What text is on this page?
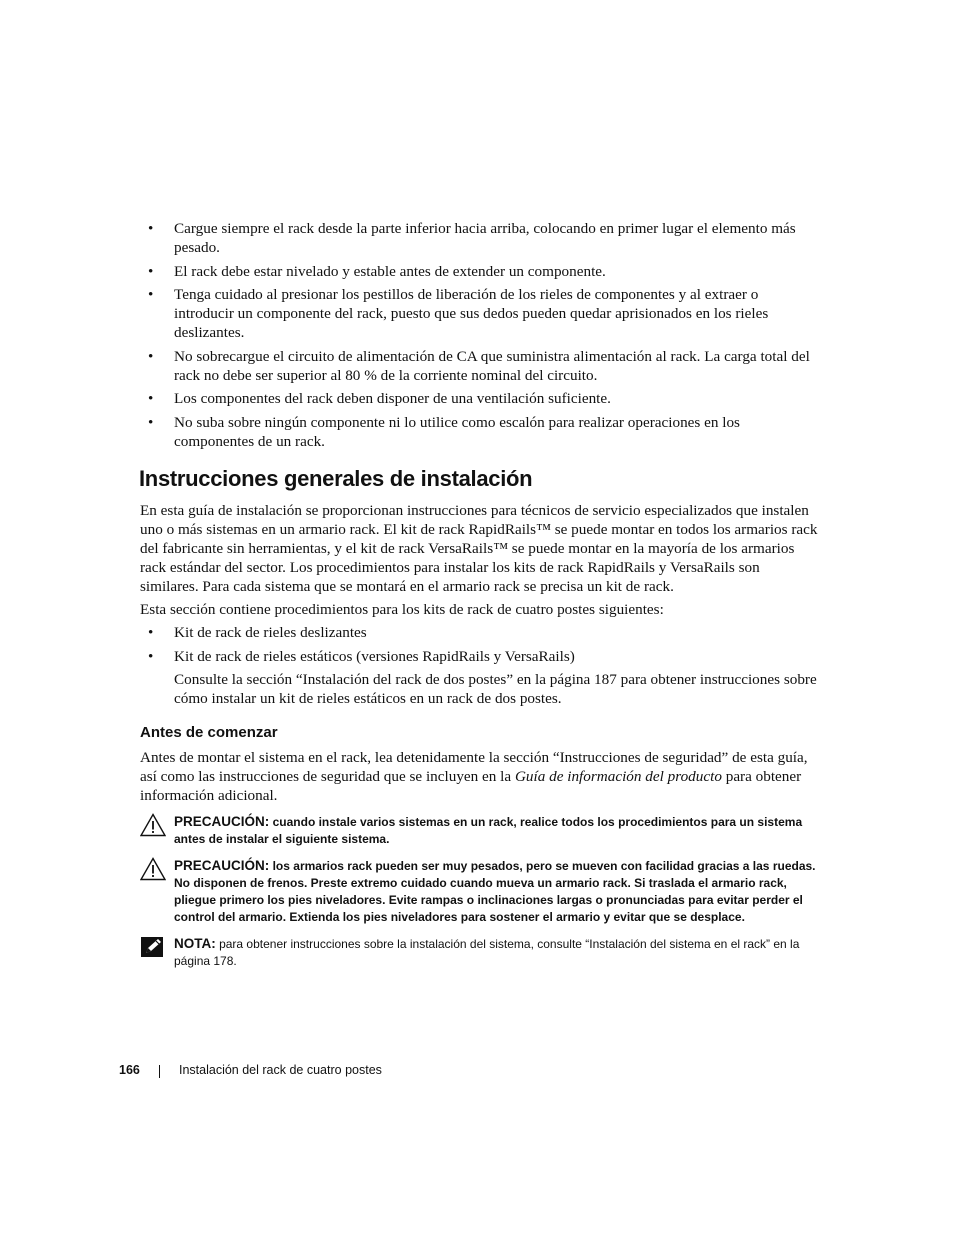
• Cargue siempre el rack desde la parte inferior hacia arriba, colocando en primer lugar el elemento más pesado.
• El rack debe estar nivelado y estable antes de extender un componente.
• Tenga cuidado al presionar los pestillos de liberación de los rieles de componentes y al extraer o introducir un componente del rack, puesto que sus dedos pueden quedar aprisionados en los rieles deslizantes.
• No sobrecargue el circuito de alimentación de CA que suministra alimentación al rack. La carga total del rack no debe ser superior al 80 % de la corriente nominal del circuito.
• Los componentes del rack deben disponer de una ventilación suficiente.
• No suba sobre ningún componente ni lo utilice como escalón para realizar operaciones en los componentes de un rack.
Instrucciones generales de instalación
En esta guía de instalación se proporcionan instrucciones para técnicos de servicio especializados que instalen uno o más sistemas en un armario rack. El kit de rack RapidRails™ se puede montar en todos los armarios rack del fabricante sin herramientas, y el kit de rack VersaRails™ se puede montar en la mayoría de los armarios rack estándar del sector. Los procedimientos para instalar los kits de rack RapidRails y VersaRails son similares. Para cada sistema que se montará en el armario rack se precisa un kit de rack.
Esta sección contiene procedimientos para los kits de rack de cuatro postes siguientes:
• Kit de rack de rieles deslizantes
• Kit de rack de rieles estáticos (versiones RapidRails y VersaRails)
Consulte la sección “Instalación del rack de dos postes” en la página 187 para obtener instrucciones sobre cómo instalar un kit de rieles estáticos en un rack de dos postes.
Antes de comenzar
Antes de montar el sistema en el rack, lea detenidamente la sección “Instrucciones de seguridad” de esta guía, así como las instrucciones de seguridad que se incluyen en la Guía de información del producto para obtener información adicional.
PRECAUCIÓN: cuando instale varios sistemas en un rack, realice todos los procedimientos para un sistema antes de instalar el siguiente sistema.
PRECAUCIÓN: los armarios rack pueden ser muy pesados, pero se mueven con facilidad gracias a las ruedas. No disponen de frenos. Preste extremo cuidado cuando mueva un armario rack. Si traslada el armario rack, pliegue primero los pies niveladores. Evite rampas o inclinaciones largas o pronunciadas para evitar perder el control del armario. Extienda los pies niveladores para sostener el armario y evitar que se desplace.
NOTA: para obtener instrucciones sobre la instalación del sistema, consulte “Instalación del sistema en el rack” en la página 178.
166	Instalación del rack de cuatro postes
